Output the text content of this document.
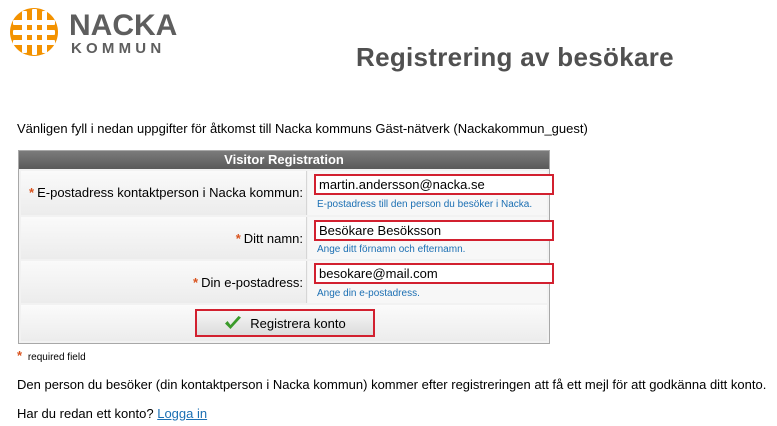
NACKA
KOMMUN	Registrering av besökare
Vänligen fyll i nedan uppgifter för åtkomst till Nacka kommuns Gäst-nätverk (Nackakommun_guest)
Visitor Registration
* E-postadress kontaktperson i Nacka kommun:
martin.andersson@nacka.se
E-postadress till den person du besöker i Nacka.
* Ditt namn:
Besökare Besöksson
Ange ditt förnamn och efternamn.
* Din e-postadress:
besokare@mail.com
Ange din e-postadress.
Registrera konto
* required field
Den person du besöker (din kontaktperson i Nacka kommun) kommer efter registreringen att få ett mejl för att godkänna ditt konto.
Har du redan ett konto? Logga in
